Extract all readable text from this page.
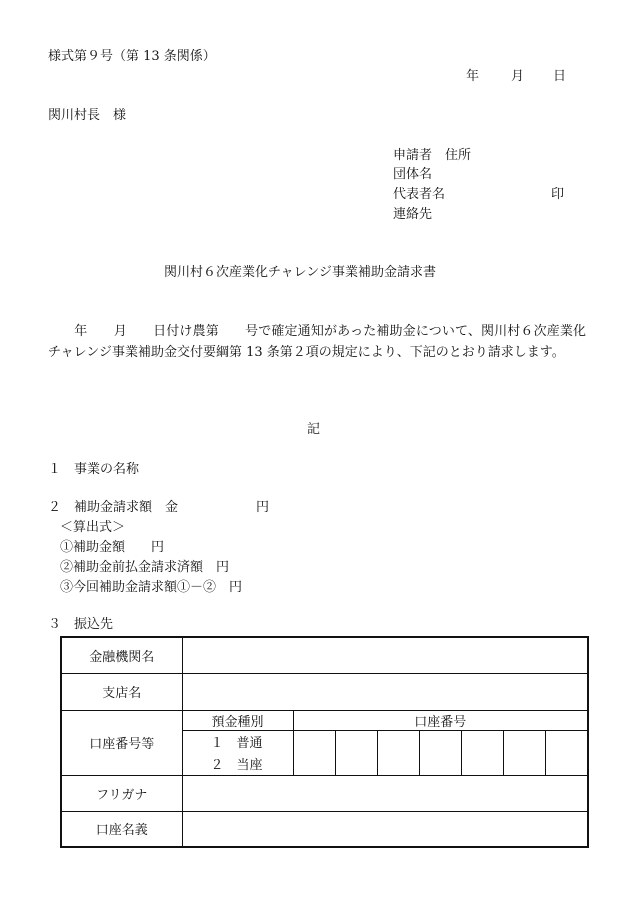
様式第９号（第 13 条関係）
年 月 日
関川村長　様
申請者　住所
団体名
代表者名	印
連絡先
関川村６次産業化チャレンジ事業補助金請求書
　　年　　月　　日付け農第　　号で確定通知があった補助金について、関川村６次産業化チャレンジ事業補助金交付要綱第 13 条第２項の規定により、下記のとおり請求します。
記
１　事業の名称
２　補助金請求額　金　　　　　　円
＜算出式＞
①補助金額　　円
②補助金前払金請求済額　円
③今回補助金請求額①－②　円
３　振込先
金融機関名								
支店名								
口座番号等	預金種別	口座番号						
	１　普通							
	２　当座							
フリガナ								
口座名義								
